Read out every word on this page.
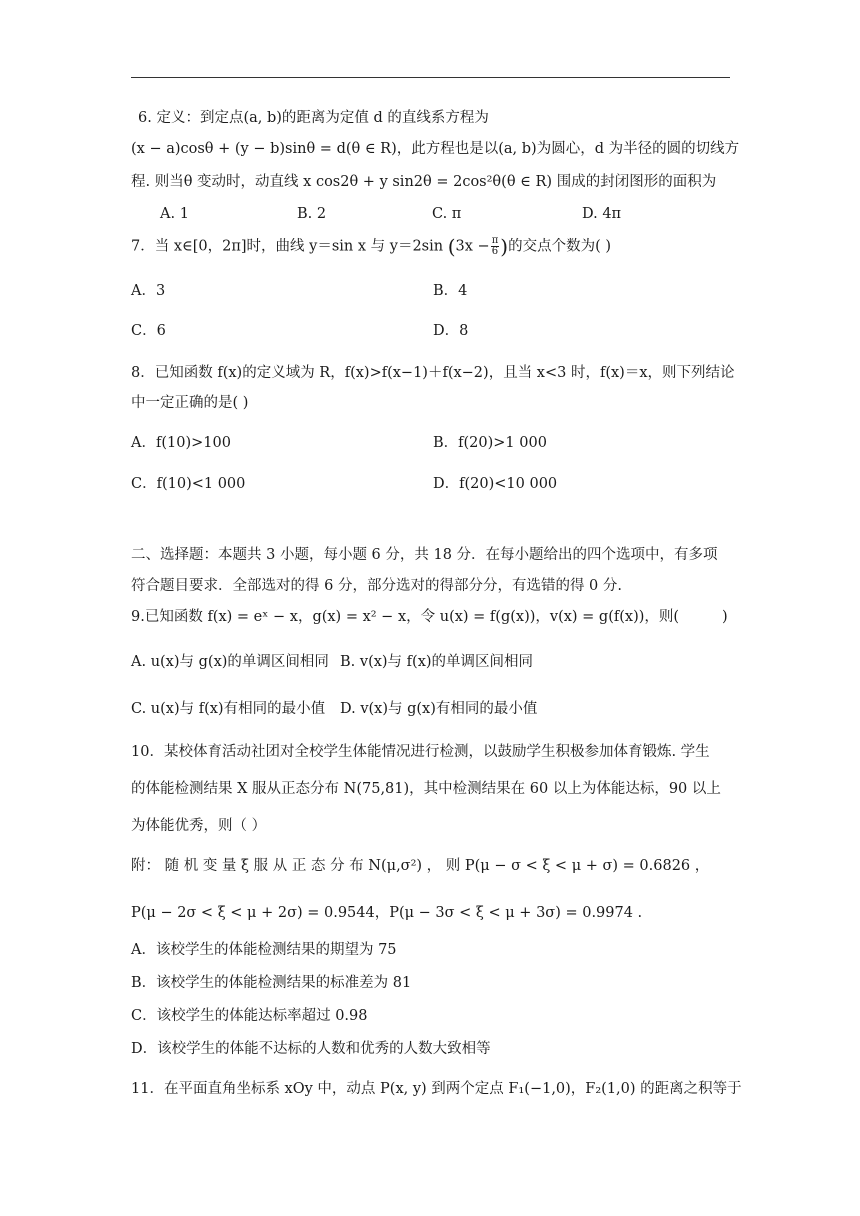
6. 定义：到定点(a, b)的距离为定值 d 的直线系方程为
(x − a)cosθ + (y − b)sinθ = d(θ ∈ R)，此方程也是以(a, b)为圆心，d 为半径的圆的切线方
程. 则当θ 变动时，动直线 x cos2θ + y sin2θ = 2cos²θ(θ ∈ R) 围成的封闭图形的面积为
A. 1	B. 2	C. π	D. 4π
7．当 x∈[0，2π]时，曲线 y＝sin x 与 y＝2sin ($3x - \frac{\pi}{6}$ )的交点个数为( )
A．3	B．4
C．6	D．8
8．已知函数 f(x)的定义域为 R，f(x)>f(x−1)＋f(x−2)，且当 x<3 时，f(x)＝x，则下列结论
中一定正确的是( )
A．f(10)>100	B．f(20)>1 000
C．f(10)<1 000	D．f(20)<10 000
二、选择题：本题共 3 小题，每小题 6 分，共 18 分．在每小题给出的四个选项中，有多项
符合题目要求．全部选对的得 6 分，部分选对的得部分分，有选错的得 0 分.
9.已知函数 f(x) = eˣ − x，g(x) = x² − x，令 u(x) = f(g(x))，v(x) = g(f(x))，则(	)
A. u(x)与 g(x)的单调区间相同 B. v(x)与 f(x)的单调区间相同
C. u(x)与 f(x)有相同的最小值 D. v(x)与 g(x)有相同的最小值
10．某校体育活动社团对全校学生体能情况进行检测，以鼓励学生积极参加体育锻炼. 学生
的体能检测结果 X 服从正态分布 N(75,81)，其中检测结果在 60 以上为体能达标，90 以上
为体能优秀，则（ ）
附： 随 机 变 量 ξ 服 从 正 态 分 布 N(μ,σ²) ， 则 P(μ − σ < ξ < μ + σ) = 0.6826 ，
P(μ − 2σ < ξ < μ + 2σ) = 0.9544，P(μ − 3σ < ξ < μ + 3σ) = 0.9974 .
A．该校学生的体能检测结果的期望为 75
B．该校学生的体能检测结果的标准差为 81
C．该校学生的体能达标率超过 0.98
D．该校学生的体能不达标的人数和优秀的人数大致相等
11．在平面直角坐标系 xOy 中，动点 P(x, y) 到两个定点 F₁(−1,0)，F₂(1,0) 的距离之积等于
